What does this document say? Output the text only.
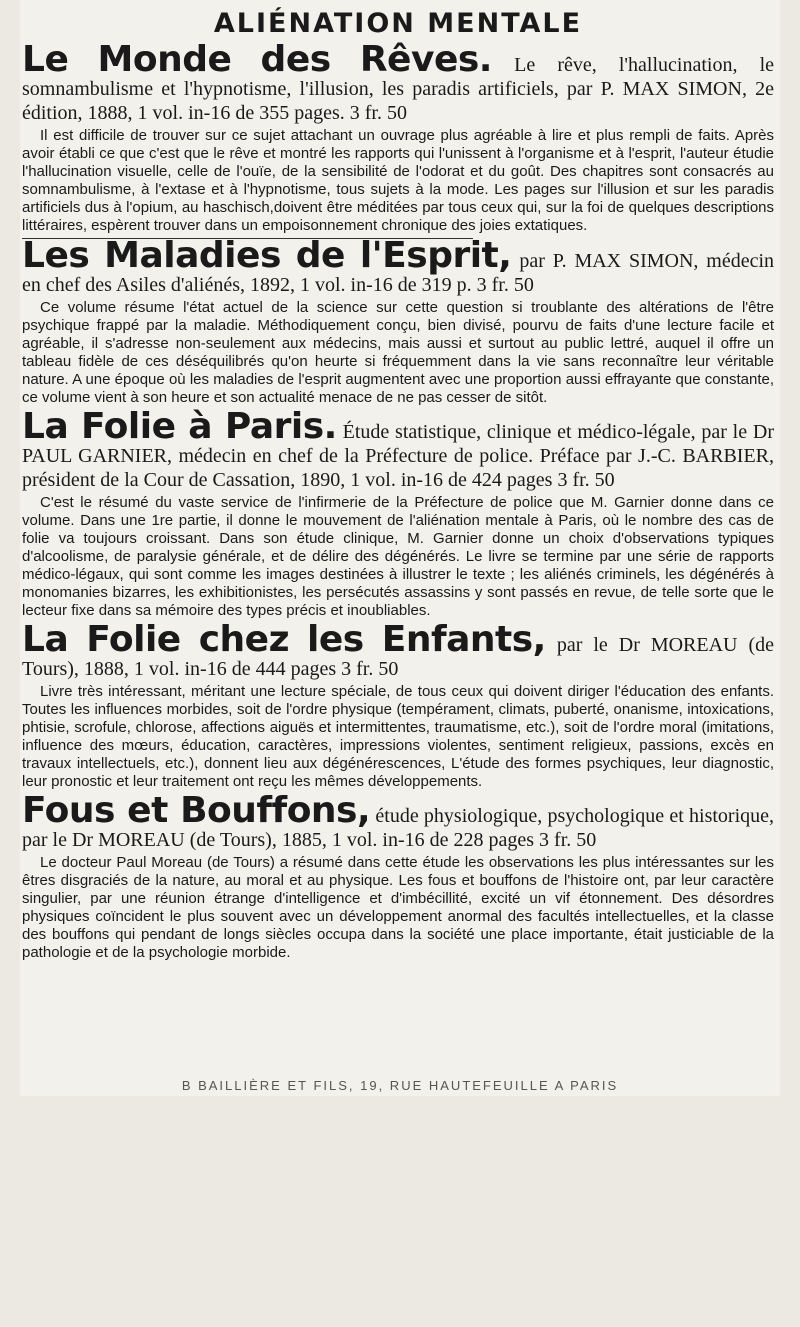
ALIÉNATION MENTALE

Le Monde des Rêves. Le rêve, l'hallucination, le somnambulisme et l'hypnotisme, l'illusion, les paradis artificiels, par P. MAX SIMON, 2e édition, 1888, 1 vol. in-16 de 355 pages. 3 fr. 50

Il est difficile de trouver sur ce sujet attachant un ouvrage plus agréable à lire et plus rempli de faits. Après avoir établi ce que c'est que le rêve et montré les rapports qui l'unissent à l'organisme et à l'esprit, l'auteur étudie l'hallucination visuelle, celle de l'ouïe, de la sensibilité de l'odorat et du goût. Des chapitres sont consacrés au somnambulisme, à l'extase et à l'hypnotisme, tous sujets à la mode. Les pages sur l'illusion et sur les paradis artificiels dus à l'opium, au haschisch,doivent être méditées par tous ceux qui, sur la foi de quelques descriptions littéraires, espèrent trouver dans un empoisonnement chronique des joies extatiques.

Les Maladies de l'Esprit, par P. MAX SIMON, médecin en chef des Asiles d'aliénés, 1892, 1 vol. in-16 de 319 p. 3 fr. 50

Ce volume résume l'état actuel de la science sur cette question si troublante des altérations de l'être psychique frappé par la maladie. Méthodiquement conçu, bien divisé, pourvu de faits d'une lecture facile et agréable, il s'adresse non-seulement aux médecins, mais aussi et surtout au public lettré, auquel il offre un tableau fidèle de ces déséquilibrés qu'on heurte si fréquemment dans la vie sans reconnaître leur véritable nature. A une époque où les maladies de l'esprit augmentent avec une proportion aussi effrayante que constante, ce volume vient à son heure et son actualité menace de ne pas cesser de sitôt.

La Folie à Paris. Étude statistique, clinique et médico-légale, par le Dr PAUL GARNIER, médecin en chef de la Préfecture de police. Préface par J.-C. BARBIER, président de la Cour de Cassation, 1890, 1 vol. in-16 de 424 pages 3 fr. 50

C'est le résumé du vaste service de l'infirmerie de la Préfecture de police que M. Garnier donne dans ce volume. Dans une 1re partie, il donne le mouvement de l'aliénation mentale à Paris, où le nombre des cas de folie va toujours croissant. Dans son étude clinique, M. Garnier donne un choix d'observations typiques d'alcoolisme, de paralysie générale, et de délire des dégénérés. Le livre se termine par une série de rapports médico-légaux, qui sont comme les images destinées à illustrer le texte ; les aliénés criminels, les dégénérés à monomanies bizarres, les exhibitionistes, les persécutés assassins y sont passés en revue, de telle sorte que le lecteur fixe dans sa mémoire des types précis et inoubliables.

La Folie chez les Enfants, par le Dr MOREAU (de Tours), 1888, 1 vol. in-16 de 444 pages 3 fr. 50

Livre très intéressant, méritant une lecture spéciale, de tous ceux qui doivent diriger l'éducation des enfants. Toutes les influences morbides, soit de l'ordre physique (tempérament, climats, puberté, onanisme, intoxications, phtisie, scrofule, chlorose, affections aiguës et intermittentes, traumatisme, etc.), soit de l'ordre moral (imitations, influence des mœurs, éducation, caractères, impressions violentes, sentiment religieux, passions, excès en travaux intellectuels, etc.), donnent lieu aux dégénérescences, L'étude des formes psychiques, leur diagnostic, leur pronostic et leur traitement ont reçu les mêmes développements.

Fous et Bouffons, étude physiologique, psychologique et historique, par le Dr MOREAU (de Tours), 1885, 1 vol. in-16 de 228 pages 3 fr. 50

Le docteur Paul Moreau (de Tours) a résumé dans cette étude les observations les plus intéressantes sur les êtres disgraciés de la nature, au moral et au physique. Les fous et bouffons de l'histoire ont, par leur caractère singulier, par une réunion étrange d'intelligence et d'imbécillité, excité un vif étonnement. Des désordres physiques coïncident le plus souvent avec un développement anormal des facultés intellectuelles, et la classe des bouffons qui pendant de longs siècles occupa dans la société une place importante, était justiciable de la pathologie et de la psychologie morbide.

B BAILLIÈRE ET FILS, 19, RUE HAUTEFEUILLE A PARIS
